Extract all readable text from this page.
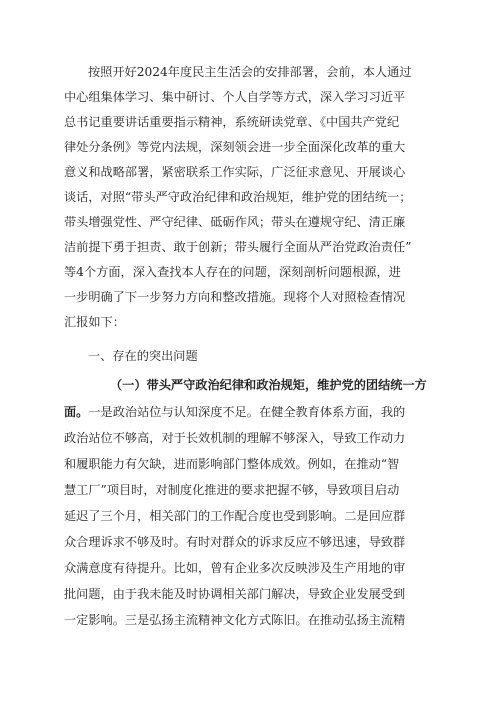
按照开好2024年度民主生活会的安排部署，会前，本人通过
中心组集体学习、集中研讨、个人自学等方式，深入学习习近平
总书记重要讲话重要指示精神，系统研读党章、《中国共产党纪
律处分条例》等党内法规，深刻领会进一步全面深化改革的重大
意义和战略部署，紧密联系工作实际，广泛征求意见、开展谈心
谈话，对照“带头严守政治纪律和政治规矩，维护党的团结统一；
带头增强党性、严守纪律、砥砺作风；带头在遵规守纪、清正廉
洁前提下勇于担责、敢于创新；带头履行全面从严治党政治责任”
等4个方面，深入查找本人存在的问题，深刻剖析问题根源，进
一步明确了下一步努力方向和整改措施。现将个人对照检查情况
汇报如下：
一、存在的突出问题
（一）带头严守政治纪律和政治规矩，维护党的团结统一方
面。一是政治站位与认知深度不足。在健全教育体系方面，我的
政治站位不够高，对于长效机制的理解不够深入，导致工作动力
和履职能力有欠缺，进而影响部门整体成效。例如，在推动“智
慧工厂”项目时，对制度化推进的要求把握不够，导致项目启动
延迟了三个月，相关部门的工作配合度也受到影响。二是回应群
众合理诉求不够及时。有时对群众的诉求反应不够迅速，导致群
众满意度有待提升。比如，曾有企业多次反映涉及生产用地的审
批问题，由于我未能及时协调相关部门解决，导致企业发展受到
一定影响。三是弘扬主流精神文化方式陈旧。在推动弘扬主流精
